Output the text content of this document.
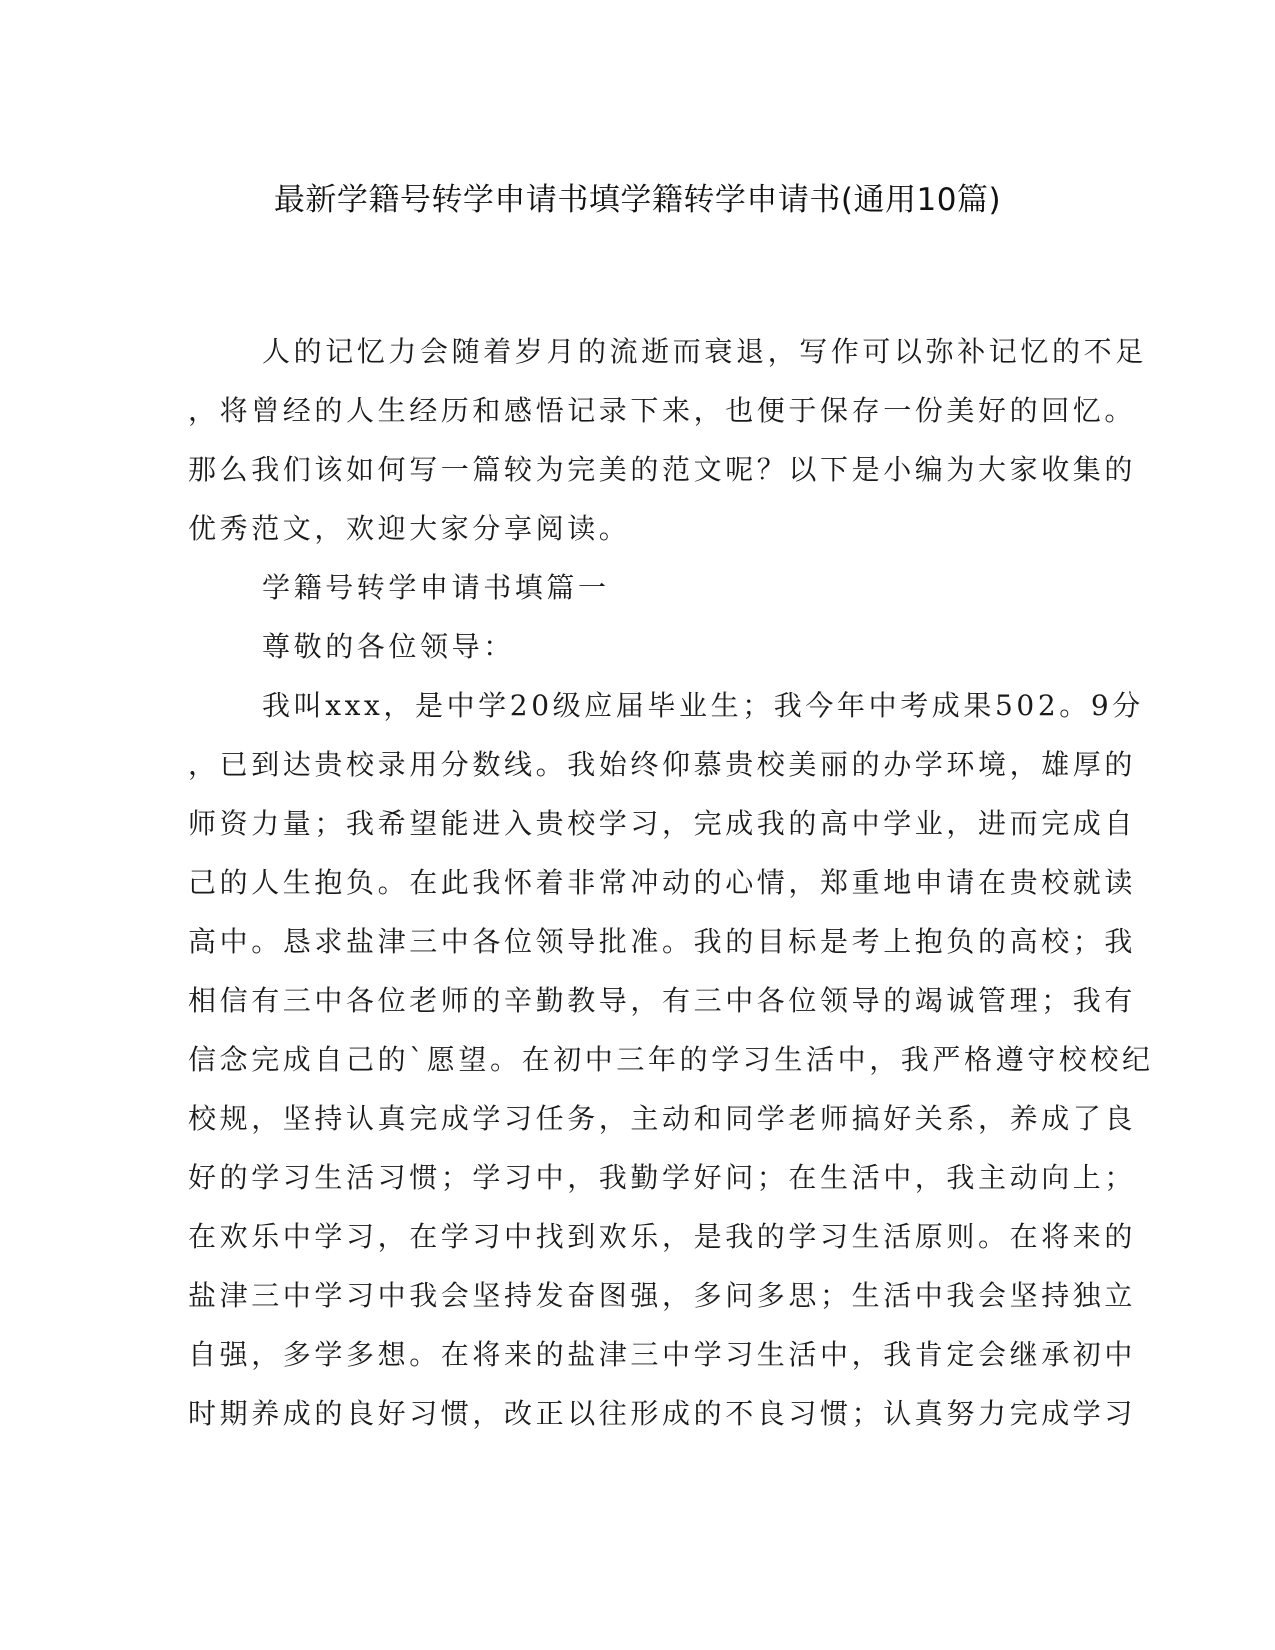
最新学籍号转学申请书填学籍转学申请书(通用10篇)
人的记忆力会随着岁月的流逝而衰退，写作可以弥补记忆的不足
，将曾经的人生经历和感悟记录下来，也便于保存一份美好的回忆。
那么我们该如何写一篇较为完美的范文呢？以下是小编为大家收集的
优秀范文，欢迎大家分享阅读。
学籍号转学申请书填篇一
尊敬的各位领导：
我叫xxx，是中学20级应届毕业生；我今年中考成果502。9分
，已到达贵校录用分数线。我始终仰慕贵校美丽的办学环境，雄厚的
师资力量；我希望能进入贵校学习，完成我的高中学业，进而完成自
己的人生抱负。在此我怀着非常冲动的心情，郑重地申请在贵校就读
高中。恳求盐津三中各位领导批准。我的目标是考上抱负的高校；我
相信有三中各位老师的辛勤教导，有三中各位领导的竭诚管理；我有
信念完成自己的`愿望。在初中三年的学习生活中，我严格遵守校校纪
校规，坚持认真完成学习任务，主动和同学老师搞好关系，养成了良
好的学习生活习惯；学习中，我勤学好问；在生活中，我主动向上；
在欢乐中学习，在学习中找到欢乐，是我的学习生活原则。在将来的
盐津三中学习中我会坚持发奋图强，多问多思；生活中我会坚持独立
自强，多学多想。在将来的盐津三中学习生活中，我肯定会继承初中
时期养成的良好习惯，改正以往形成的不良习惯；认真努力完成学习
